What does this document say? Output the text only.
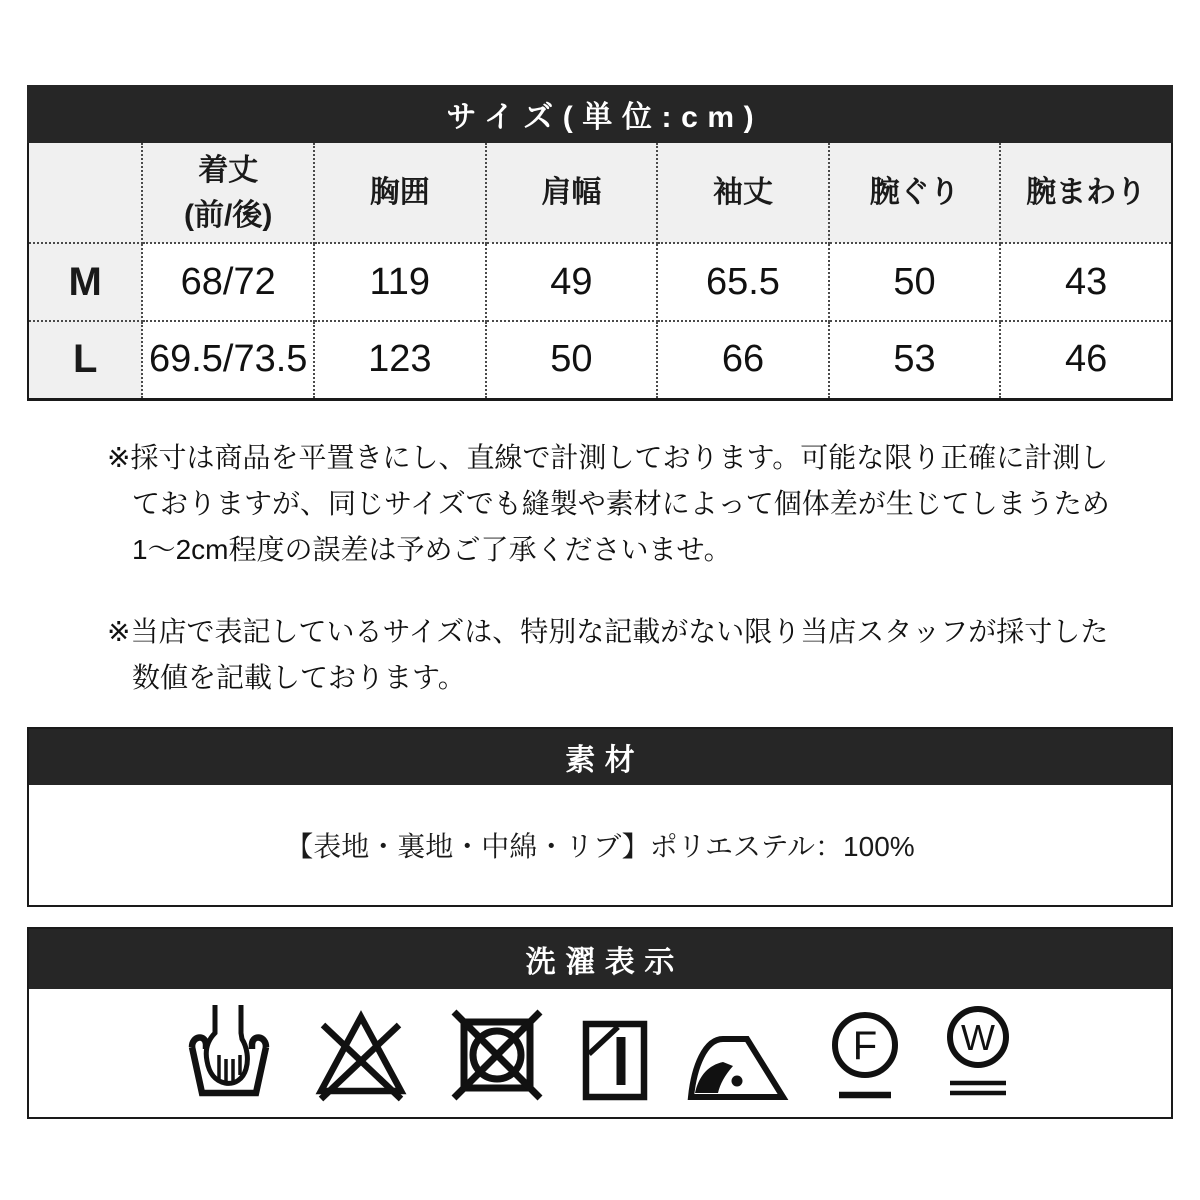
サイズ(単位:cm)

	着丈
(前/後)	胸囲	肩幅	袖丈	腕ぐり	腕まわり

M	68/72	119	49	65.5	50	43
L	69.5/73.5	123	50	66	53	46
※採寸は商品を平置きにし、直線で計測しております。可能な限り正確に計測し
ておりますが、同じサイズでも縫製や素材によって個体差が生じてしまうため
1〜2cm程度の誤差は予めご了承くださいませ。
※当店で表記しているサイズは、特別な記載がない限り当店スタッフが採寸した
数値を記載しております。
素材

【表地・裏地・中綿・リブ】ポリエステル：100%

洗濯表示
F W
